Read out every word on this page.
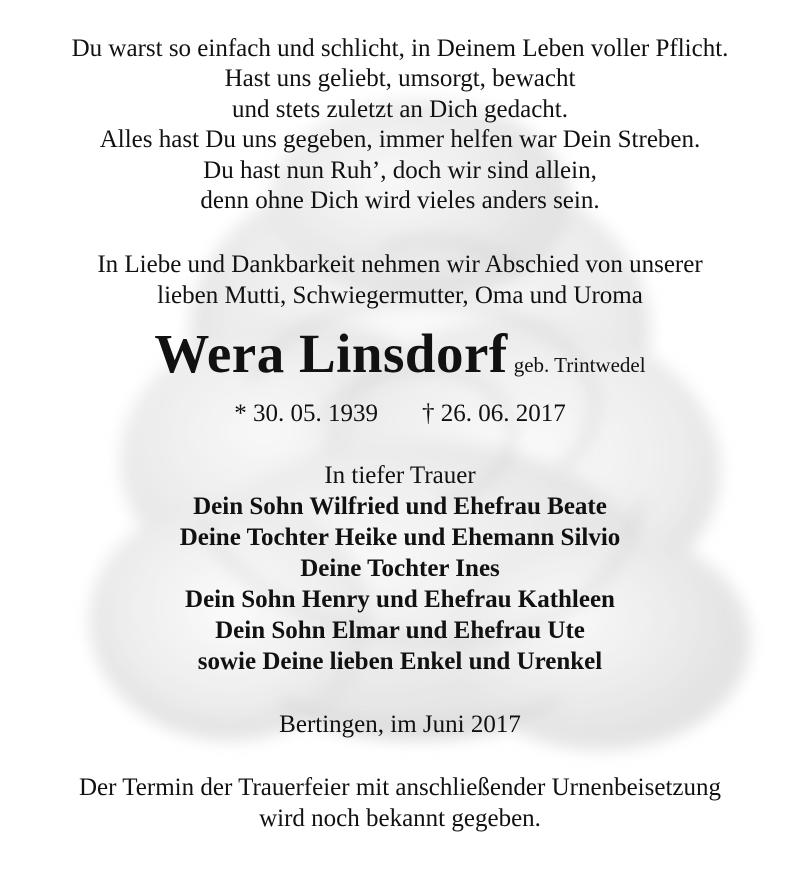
Du warst so einfach und schlicht, in Deinem Leben voller Pflicht.
Hast uns geliebt, umsorgt, bewacht
und stets zuletzt an Dich gedacht.
Alles hast Du uns gegeben, immer helfen war Dein Streben.
Du hast nun Ruh’, doch wir sind allein,
denn ohne Dich wird vieles anders sein.
In Liebe und Dankbarkeit nehmen wir Abschied von unserer
lieben Mutti, Schwiegermutter, Oma und Uroma
Wera Linsdorf geb. Trintwedel
* 30. 05. 1939 † 26. 06. 2017
In tiefer Trauer
Dein Sohn Wilfried und Ehefrau Beate
Deine Tochter Heike und Ehemann Silvio
Deine Tochter Ines
Dein Sohn Henry und Ehefrau Kathleen
Dein Sohn Elmar und Ehefrau Ute
sowie Deine lieben Enkel und Urenkel
Bertingen, im Juni 2017
Der Termin der Trauerfeier mit anschließender Urnenbeisetzung
wird noch bekannt gegeben.
